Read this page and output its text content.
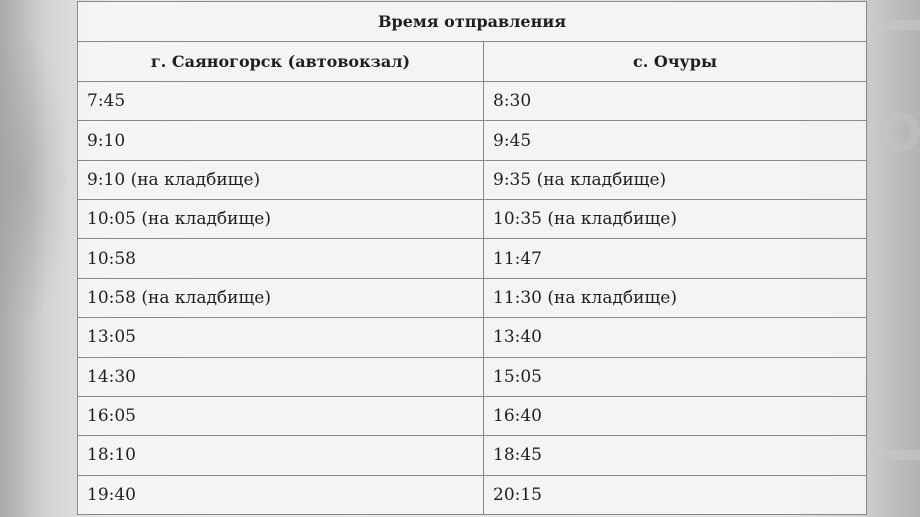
Время отправления	
г. Саяногорск (автовокзал)	с. Очуры
7:45	8:30
9:10	9:45
9:10 (на кладбище)	9:35 (на кладбище)
10:05 (на кладбище)	10:35 (на кладбище)
10:58	11:47
10:58 (на кладбище)	11:30 (на кладбище)
13:05	13:40
14:30	15:05
16:05	16:40
18:10	18:45
19:40	20:15
